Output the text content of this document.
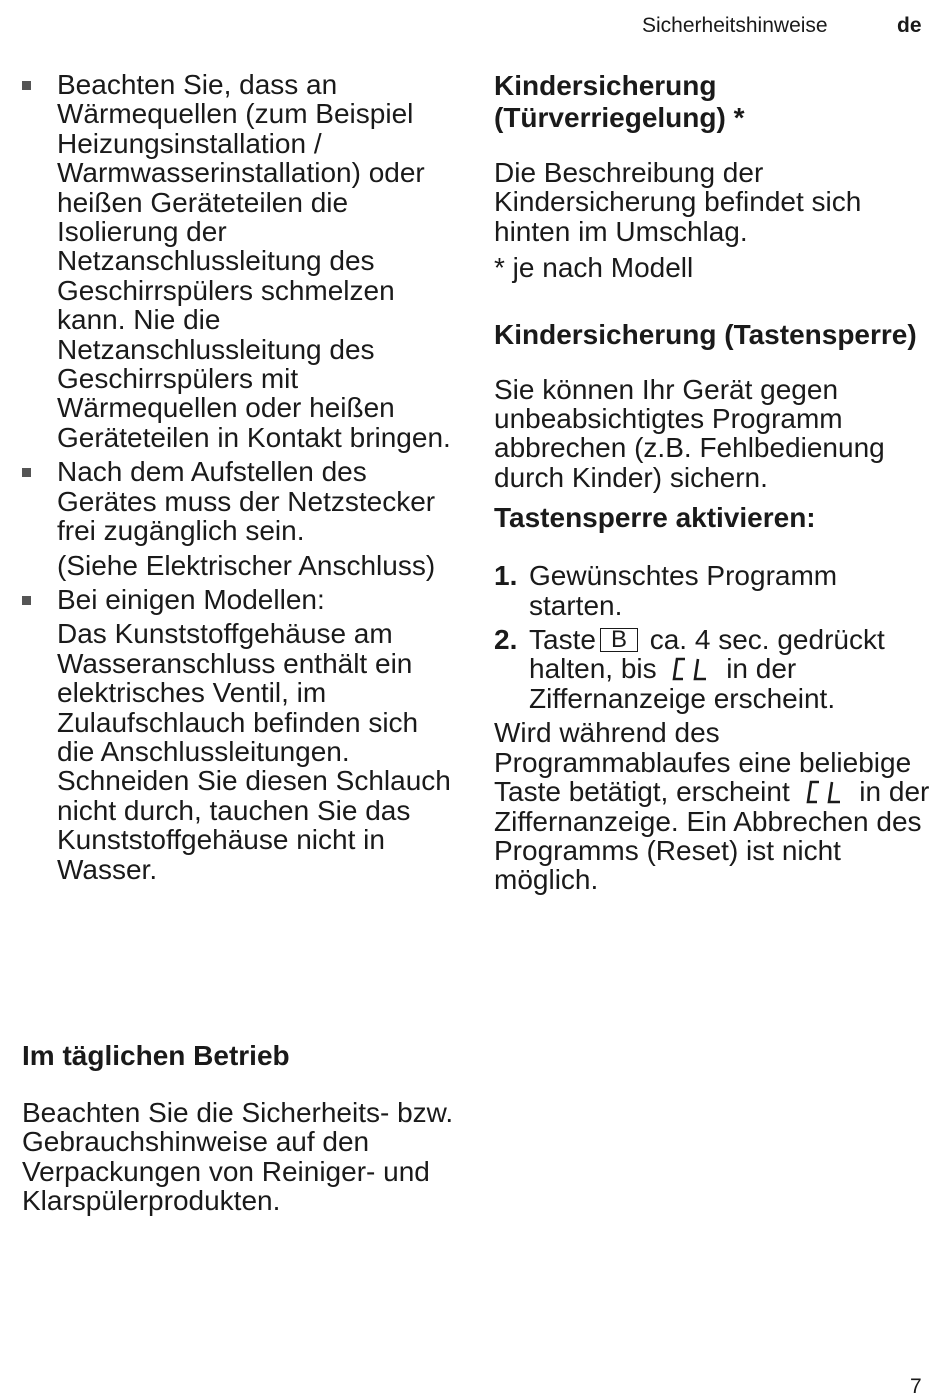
Sicherheitshinweise	de
Beachten Sie, dass an Wärmequellen (zum Beispiel Heizungsinstallation / Warmwasserinstallation) oder heißen Geräteteilen die Isolierung der Netzanschlussleitung des Geschirrspülers schmelzen kann. Nie die Netzanschlussleitung des Geschirrspülers mit Wärmequellen oder heißen Geräteteilen in Kontakt bringen.
Nach dem Aufstellen des Gerätes muss der Netzstecker frei zugänglich sein.
(Siehe Elektrischer Anschluss)
Bei einigen Modellen:
Das Kunststoffgehäuse am Wasseranschluss enthält ein elektrisches Ventil, im Zulaufschlauch befinden sich die Anschlussleitungen. Schneiden Sie diesen Schlauch nicht durch, tauchen Sie das Kunststoffgehäuse nicht in Wasser.
Im täglichen Betrieb

Beachten Sie die Sicherheits- bzw. Gebrauchshinweise auf den Verpackungen von Reiniger- und Klarspülerprodukten.

Kindersicherung (Türverriegelung) *

Die Beschreibung der Kindersicherung befindet sich hinten im Umschlag.

* je nach Modell

Kindersicherung (Tastensperre)

Sie können Ihr Gerät gegen unbeabsichtigtes Programm abbrechen (z.B. Fehlbedienung durch Kinder) sichern.

Tastensperre aktivieren:
1. Gewünschtes Programm starten.
2. Taste B ca. 4 sec. gedrückt halten, bis in der Ziffernanzeige erscheint.

Wird während des Programmablaufes eine beliebige Taste betätigt, erscheint in der Ziffernanzeige. Ein Abbrechen des Programms (Reset) ist nicht möglich.

7
